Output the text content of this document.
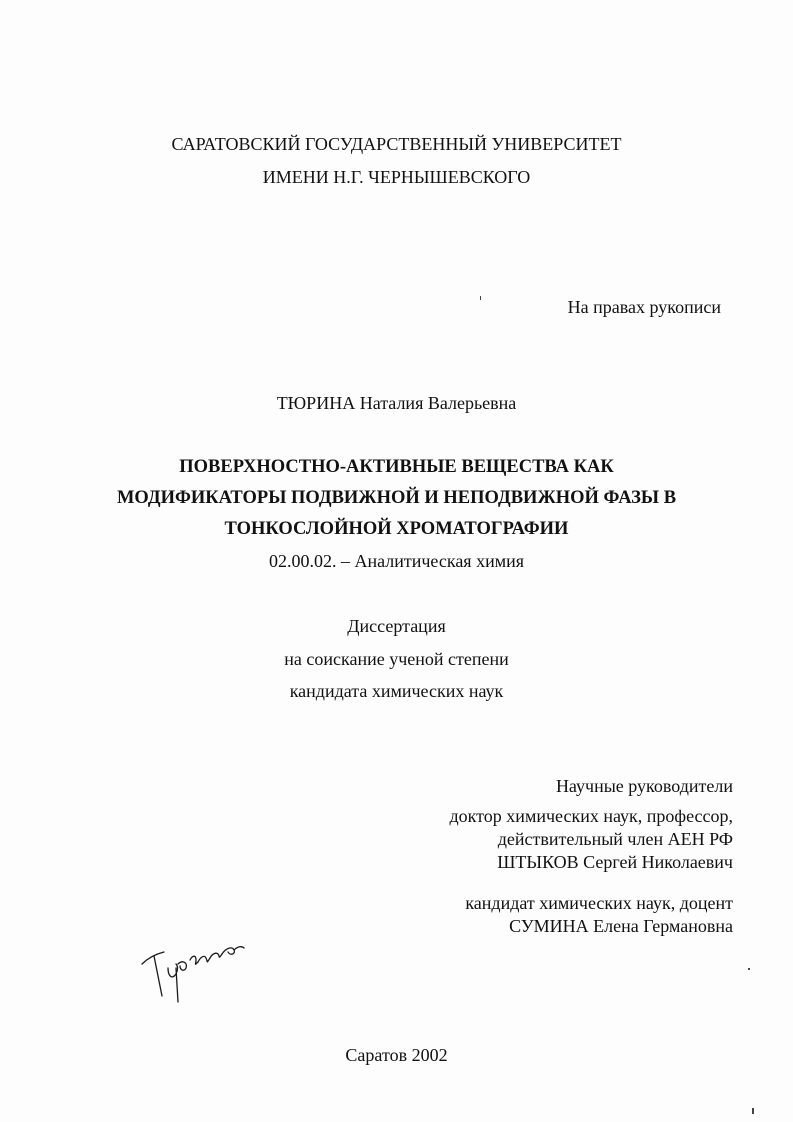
САРАТОВСКИЙ ГОСУДАРСТВЕННЫЙ УНИВЕРСИТЕТ
ИМЕНИ Н.Г. ЧЕРНЫШЕВСКОГО
На правах рукописи
ТЮРИНА Наталия Валерьевна
ПОВЕРХНОСТНО-АКТИВНЫЕ ВЕЩЕСТВА КАК
МОДИФИКАТОРЫ ПОДВИЖНОЙ И НЕПОДВИЖНОЙ ФАЗЫ В
ТОНКОСЛОЙНОЙ ХРОМАТОГРАФИИ
02.00.02. – Аналитическая химия
Диссертация
на соискание ученой степени
кандидата химических наук
Научные руководители
доктор химических наук, профессор,
действительный член АЕН РФ
ШТЫКОВ Сергей Николаевич
кандидат химических наук, доцент
СУМИНА Елена Германовна
Саратов 2002
